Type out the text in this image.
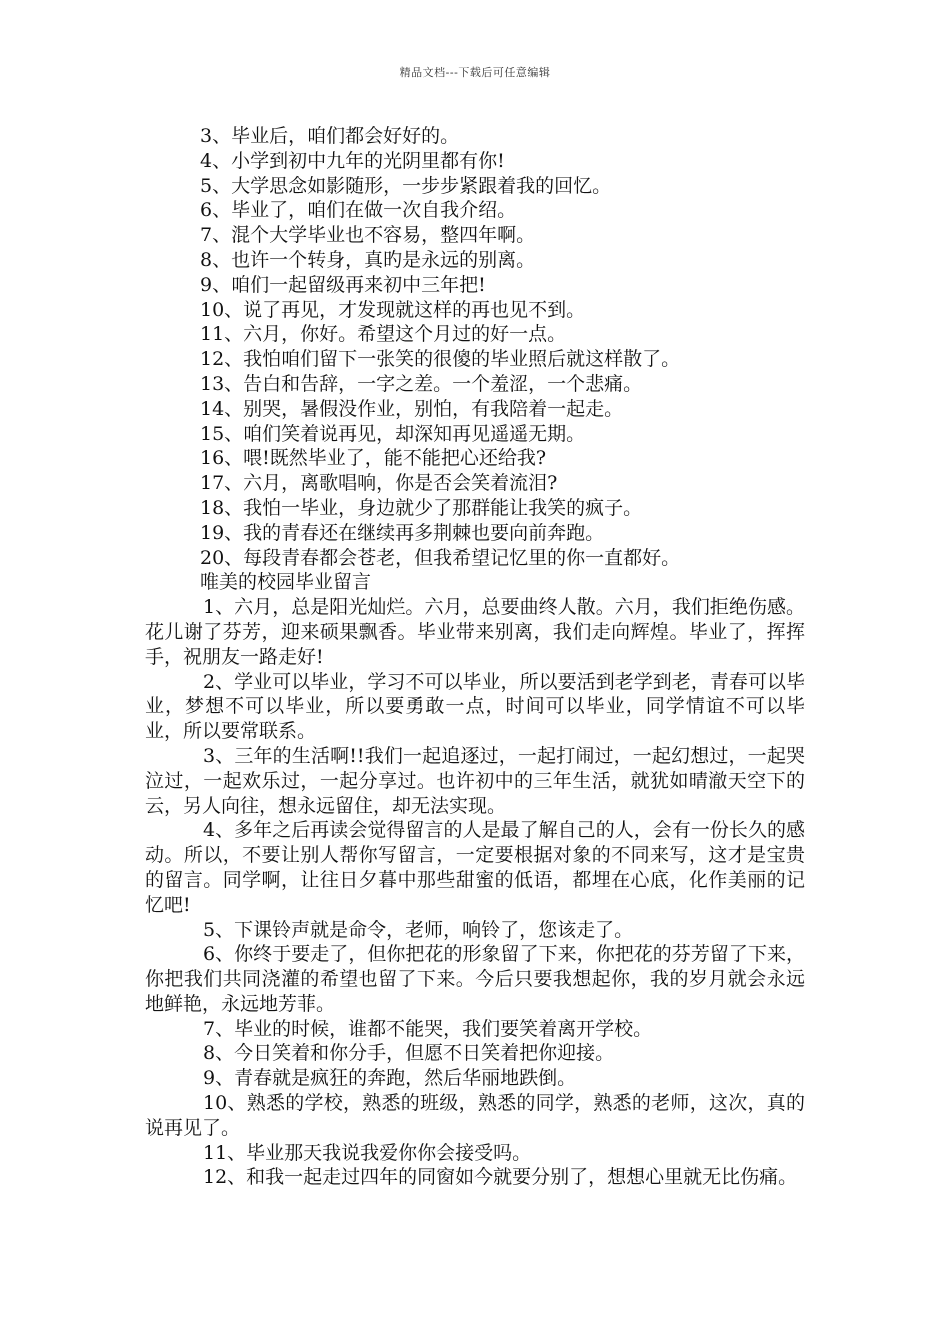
精品文档---下载后可任意编辑

3、毕业后，咱们都会好好的。

4、小学到初中九年的光阴里都有你!

5、大学思念如影随形，一步步紧跟着我的回忆。

6、毕业了，咱们在做一次自我介绍。

7、混个大学毕业也不容易，整四年啊。

8、也许一个转身，真旳是永远的别离。

9、咱们一起留级再来初中三年把!

10、说了再见，才发现就这样的再也见不到。

11、六月，你好。希望这个月过的好一点。

12、我怕咱们留下一张笑的很傻的毕业照后就这样散了。

13、告白和告辞，一字之差。一个羞涩，一个悲痛。

14、别哭，暑假没作业，别怕，有我陪着一起走。

15、咱们笑着说再见，却深知再见遥遥无期。

16、喂!既然毕业了，能不能把心还给我?

17、六月，离歌唱响，你是否会笑着流泪?

18、我怕一毕业，身边就少了那群能让我笑的疯子。

19、我的青春还在继续再多荆棘也要向前奔跑。

20、每段青春都会苍老，但我希望记忆里的你一直都好。

唯美的校园毕业留言

1、六月，总是阳光灿烂。六月，总要曲终人散。六月，我们拒绝伤感。花儿谢了芬芳，迎来硕果飘香。毕业带来别离，我们走向辉煌。毕业了，挥挥手，祝朋友一路走好!

2、学业可以毕业，学习不可以毕业，所以要活到老学到老，青春可以毕业，梦想不可以毕业，所以要勇敢一点，时间可以毕业，同学情谊不可以毕业，所以要常联系。

3、三年的生活啊!!我们一起追逐过，一起打闹过，一起幻想过，一起哭泣过，一起欢乐过，一起分享过。也许初中的三年生活，就犹如晴澈天空下的云，另人向往，想永远留住，却无法实现。

4、多年之后再读会觉得留言的人是最了解自己的人，会有一份长久的感动。所以，不要让别人帮你写留言，一定要根据对象的不同来写，这才是宝贵的留言。同学啊，让往日夕暮中那些甜蜜的低语，都埋在心底，化作美丽的记忆吧!

5、下课铃声就是命令，老师，响铃了，您该走了。

6、你终于要走了，但你把花的形象留了下来，你把花的芬芳留了下来，你把我们共同浇灌的希望也留了下来。今后只要我想起你，我的岁月就会永远地鲜艳，永远地芳菲。

7、毕业的时候，谁都不能哭，我们要笑着离开学校。

8、今日笑着和你分手，但愿不日笑着把你迎接。

9、青春就是疯狂的奔跑，然后华丽地跌倒。

10、熟悉的学校，熟悉的班级，熟悉的同学，熟悉的老师，这次，真的说再见了。

11、毕业那天我说我爱你你会接受吗。

12、和我一起走过四年的同窗如今就要分别了，想想心里就无比伤痛。
